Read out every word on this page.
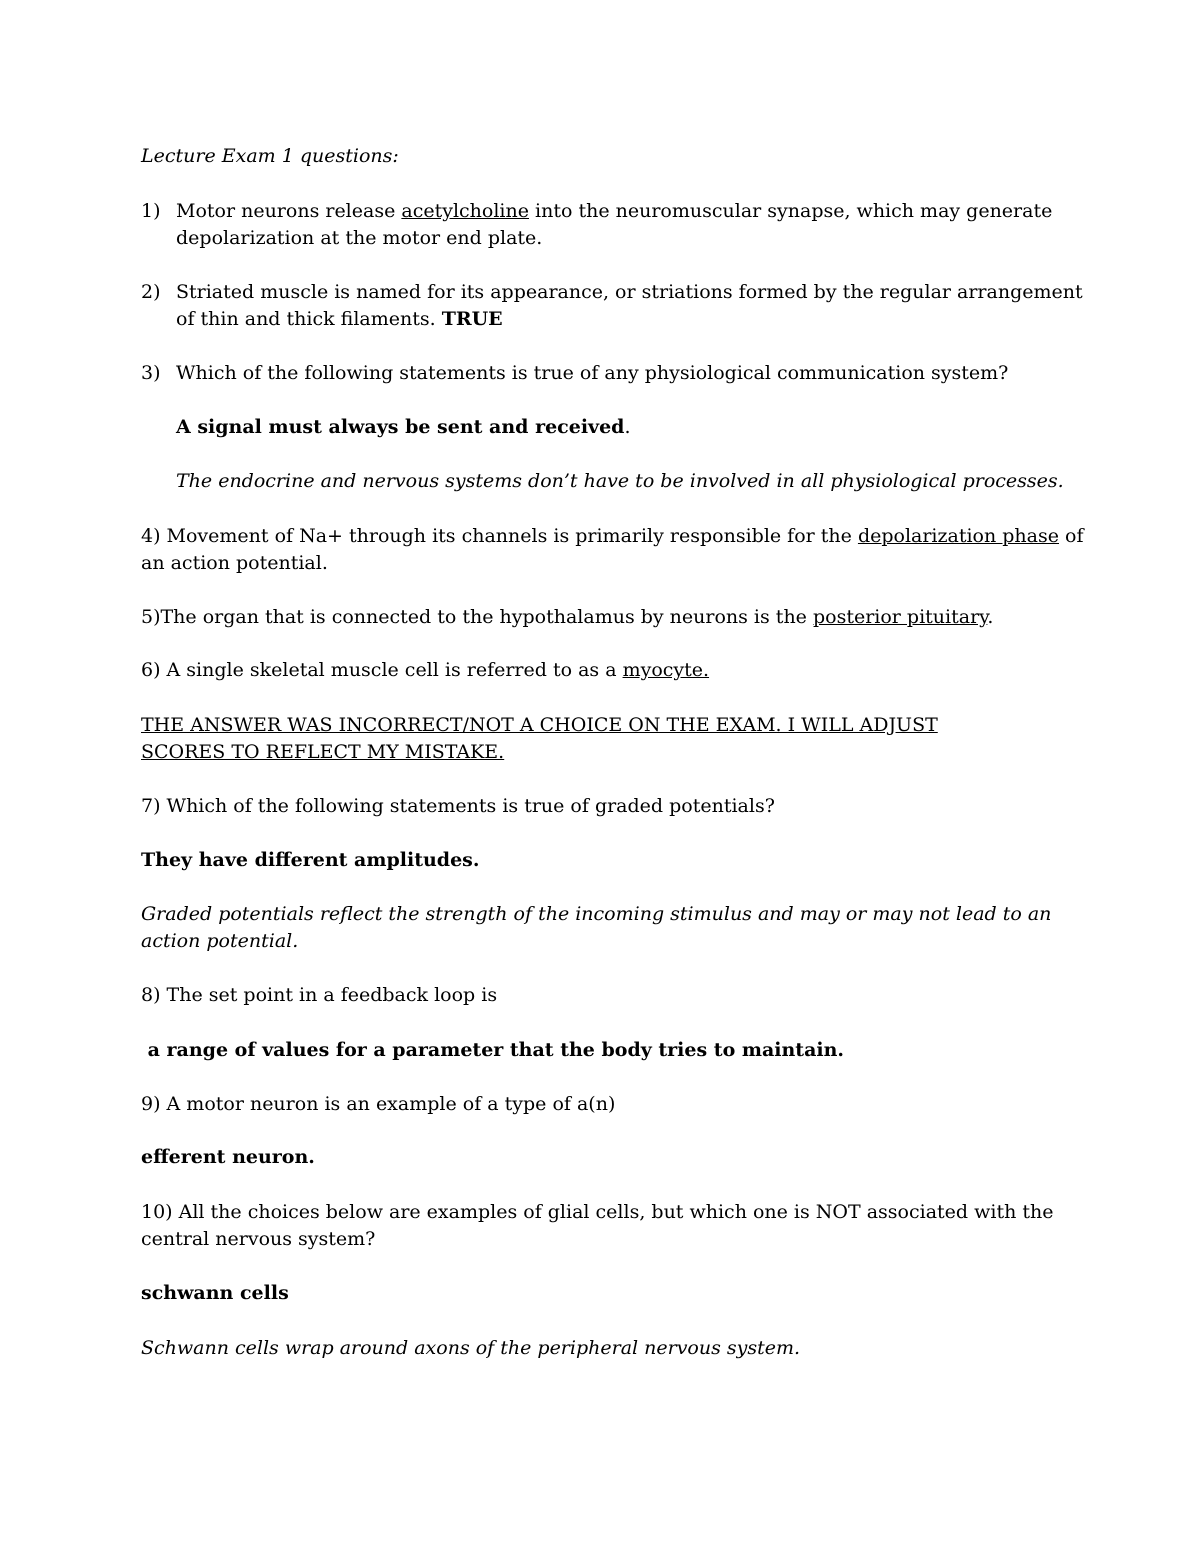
Lecture Exam 1 questions:
1) Motor neurons release acetylcholine into the neuromuscular synapse, which may generate
depolarization at the motor end plate.
2) Striated muscle is named for its appearance, or striations formed by the regular arrangement
of thin and thick filaments. TRUE
3) Which of the following statements is true of any physiological communication system?
A signal must always be sent and received.
The endocrine and nervous systems don’t have to be involved in all physiological processes.
4) Movement of Na+ through its channels is primarily responsible for the depolarization phase of
an action potential.
5)The organ that is connected to the hypothalamus by neurons is the posterior pituitary.
6) A single skeletal muscle cell is referred to as a myocyte.
THE ANSWER WAS INCORRECT/NOT A CHOICE ON THE EXAM. I WILL ADJUST
SCORES TO REFLECT MY MISTAKE.
7) Which of the following statements is true of graded potentials?
They have different amplitudes.
Graded potentials reflect the strength of the incoming stimulus and may or may not lead to an
action potential.
8) The set point in a feedback loop is
a range of values for a parameter that the body tries to maintain.
9) A motor neuron is an example of a type of a(n)
efferent neuron.
10) All the choices below are examples of glial cells, but which one is NOT associated with the
central nervous system?
schwann cells
Schwann cells wrap around axons of the peripheral nervous system.
